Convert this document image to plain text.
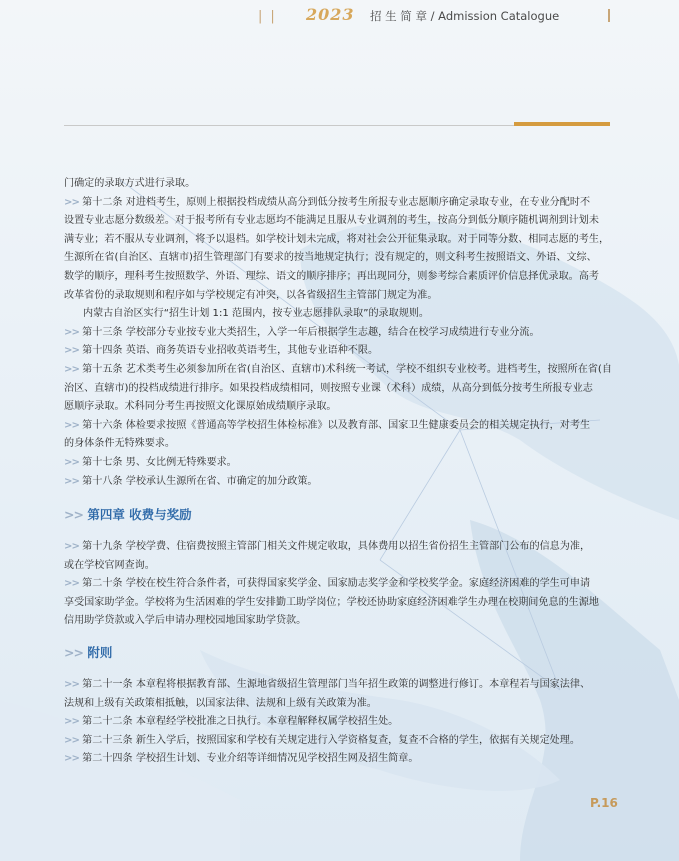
|| 2023 招 生 简 章 / Admission Catalogue

门确定的录取方式进行录取。

>> 第十二条 对进档考生，原则上根据投档成绩从高分到低分按考生所报专业志愿顺序确定录取专业，在专业分配时不

设置专业志愿分数级差。对于报考所有专业志愿均不能满足且服从专业调剂的考生，按高分到低分顺序随机调剂到计划未

满专业；若不服从专业调剂，将予以退档。如学校计划未完成，将对社会公开征集录取。对于同等分数、相同志愿的考生，

生源所在省(自治区、直辖市)招生管理部门有要求的按当地规定执行；没有规定的，则文科考生按照语文、外语、文综、

数学的顺序，理科考生按照数学、外语、理综、语文的顺序排序；再出现同分，则参考综合素质评价信息择优录取。高考

改革省份的录取规则和程序如与学校规定有冲突，以各省级招生主管部门规定为准。

内蒙古自治区实行“招生计划 1:1 范围内，按专业志愿排队录取”的录取规则。

>> 第十三条 学校部分专业按专业大类招生，入学一年后根据学生志趣，结合在校学习成绩进行专业分流。

>> 第十四条 英语、商务英语专业招收英语考生，其他专业语种不限。

>> 第十五条 艺术类考生必须参加所在省(自治区、直辖市)术科统一考试，学校不组织专业校考。进档考生，按照所在省(自

治区、直辖市)的投档成绩进行排序。如果投档成绩相同，则按照专业课（术科）成绩，从高分到低分按考生所报专业志

愿顺序录取。术科同分考生再按照文化课原始成绩顺序录取。

>> 第十六条 体检要求按照《普通高等学校招生体检标准》以及教育部、国家卫生健康委员会的相关规定执行，对考生

的身体条件无特殊要求。

>> 第十七条 男、女比例无特殊要求。

>> 第十八条 学校承认生源所在省、市确定的加分政策。

>> 第四章 收费与奖励

>> 第十九条 学校学费、住宿费按照主管部门相关文件规定收取，具体费用以招生省份招生主管部门公布的信息为准，

或在学校官网查询。

>> 第二十条 学校在校生符合条件者，可获得国家奖学金、国家励志奖学金和学校奖学金。家庭经济困难的学生可申请

享受国家助学金。学校将为生活困难的学生安排勤工助学岗位；学校还协助家庭经济困难学生办理在校期间免息的生源地

信用助学贷款或入学后申请办理校园地国家助学贷款。

>> 附则

>> 第二十一条 本章程将根据教育部、生源地省级招生管理部门当年招生政策的调整进行修订。本章程若与国家法律、

法规和上级有关政策相抵触，以国家法律、法规和上级有关政策为准。

>> 第二十二条 本章程经学校批准之日执行。本章程解释权属学校招生处。

>> 第二十三条 新生入学后，按照国家和学校有关规定进行入学资格复查，复查不合格的学生，依据有关规定处理。

>> 第二十四条 学校招生计划、专业介绍等详细情况见学校招生网及招生简章。

P.16
